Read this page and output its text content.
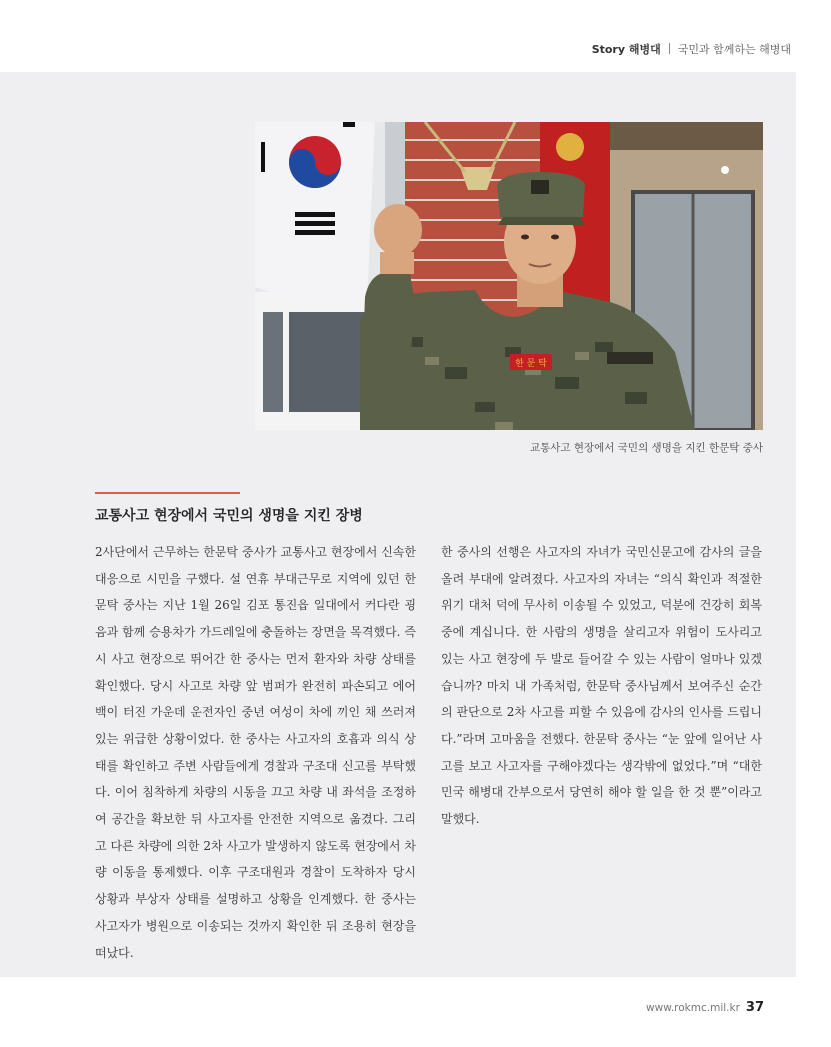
Story 해병대 국민과 함께하는 해병대
한 문 탁
교통사고 현장에서 국민의 생명을 지킨 한문탁 중사
교통사고 현장에서 국민의 생명을 지킨 장병

2사단에서 근무하는 한문탁 중사가 교통사고 현장에서 신속한 대응으로 시민을 구했다. 설 연휴 부대근무로 지역에 있던 한문탁 중사는 지난 1월 26일 김포 통진읍 일대에서 커다란 굉음과 함께 승용차가 가드레일에 충돌하는 장면을 목격했다. 즉시 사고 현장으로 뛰어간 한 중사는 먼저 환자와 차량 상태를 확인했다. 당시 사고로 차량 앞 범퍼가 완전히 파손되고 에어백이 터진 가운데 운전자인 중년 여성이 차에 끼인 채 쓰러져 있는 위급한 상황이었다. 한 중사는 사고자의 호흡과 의식 상태를 확인하고 주변 사람들에게 경찰과 구조대 신고를 부탁했다. 이어 침착하게 차량의 시동을 끄고 차량 내 좌석을 조정하여 공간을 확보한 뒤 사고자를 안전한 지역으로 옮겼다. 그리고 다른 차량에 의한 2차 사고가 발생하지 않도록 현장에서 차량 이동을 통제했다. 이후 구조대원과 경찰이 도착하자 당시 상황과 부상자 상태를 설명하고 상황을 인계했다. 한 중사는 사고자가 병원으로 이송되는 것까지 확인한 뒤 조용히 현장을 떠났다.

한 중사의 선행은 사고자의 자녀가 국민신문고에 감사의 글을 올려 부대에 알려졌다. 사고자의 자녀는 “의식 확인과 적절한 위기 대처 덕에 무사히 이송될 수 있었고, 덕분에 건강히 회복중에 계십니다. 한 사람의 생명을 살리고자 위험이 도사리고 있는 사고 현장에 두 발로 들어갈 수 있는 사람이 얼마나 있겠습니까? 마치 내 가족처럼, 한문탁 중사님께서 보여주신 순간의 판단으로 2차 사고를 피할 수 있음에 감사의 인사를 드립니다.”라며 고마움을 전했다. 한문탁 중사는 “눈 앞에 일어난 사고를 보고 사고자를 구해야겠다는 생각밖에 없었다.”며 “대한민국 해병대 간부으로서 당연히 해야 할 일을 한 것 뿐”이라고 말했다.

www.rokmc.mil.kr 37
